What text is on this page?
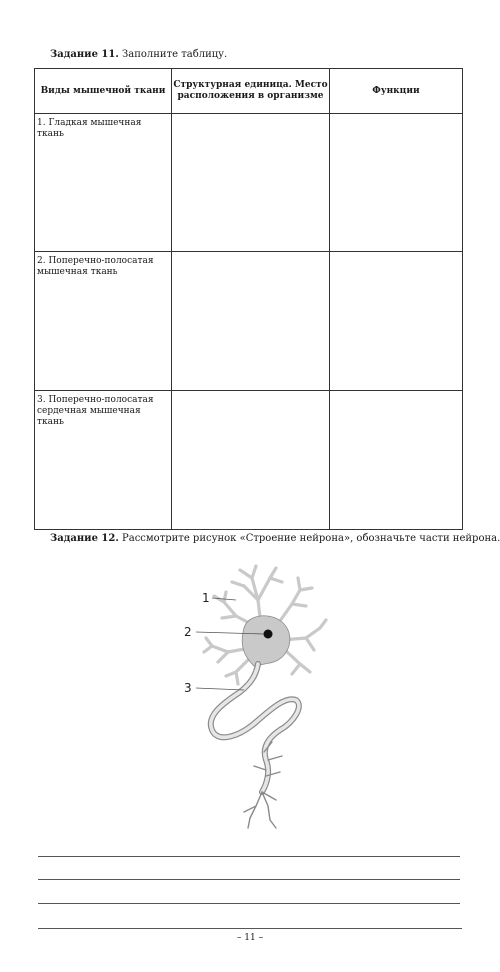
Задание 11. Заполните таблицу.
Виды мышечной ткани	Структурная единица. Место расположения в организме	Функции

1. Гладкая мышечная ткань		

2. Поперечно-полосатая мышечная ткань		

3. Поперечно-полосатая сердечная мышечная ткань		

Задание 12. Рассмотрите рисунок «Строение нейрона», обозначьте части нейрона.
1
2
3
– 11 –
